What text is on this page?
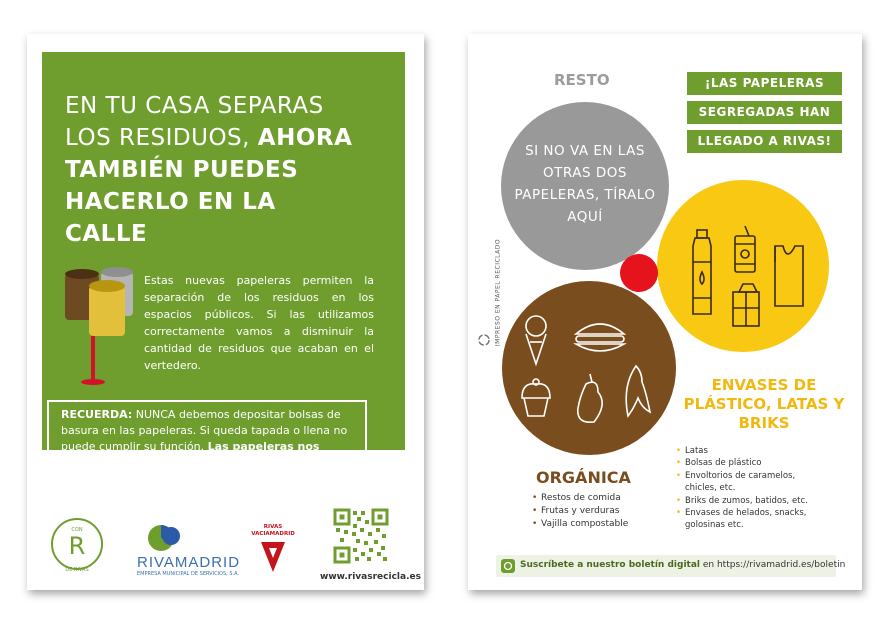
EN TU CASA SEPARAS LOS RESIDUOS, AHORA TAMBIÉN PUEDES HACERLO EN LA CALLE
Estas nuevas papeleras permiten la separación de los residuos en los espacios públicos. Si las utilizamos correctamente vamos a disminuir la cantidad de residuos que acaban en el vertedero.
RECUERDA: NUNCA debemos depositar bolsas de basura en las papeleras. Si queda tapada o llena no puede cumplir su función. Las papeleras nos ayudan a mantener limpia nuestra ciudad.
CON
R
DE RIVAS	RIVAMADRID
EMPRESA MUNICIPAL DE SERVICIOS, S.A.
RIVAS
VACIAMADRID
www.rivasrecicla.es
IMPRESO EN PAPEL RECICLADO
RESTO
SI NO VA EN LAS OTRAS DOS PAPELERAS, TÍRALO AQUÍ
¡LAS PAPELERAS
SEGREGADAS HAN
LLEGADO A RIVAS!
ENVASES DE PLÁSTICO, LATAS Y BRIKS
• Latas
• Bolsas de plástico
• Envoltorios de caramelos, chicles, etc.
• Briks de zumos, batidos, etc.
• Envases de helados, snacks, golosinas etc.
ORGÁNICA
• Restos de comida
• Frutas y verduras
• Vajilla compostable
Suscríbete a nuestro boletín digital en https://rivamadrid.es/boletin
